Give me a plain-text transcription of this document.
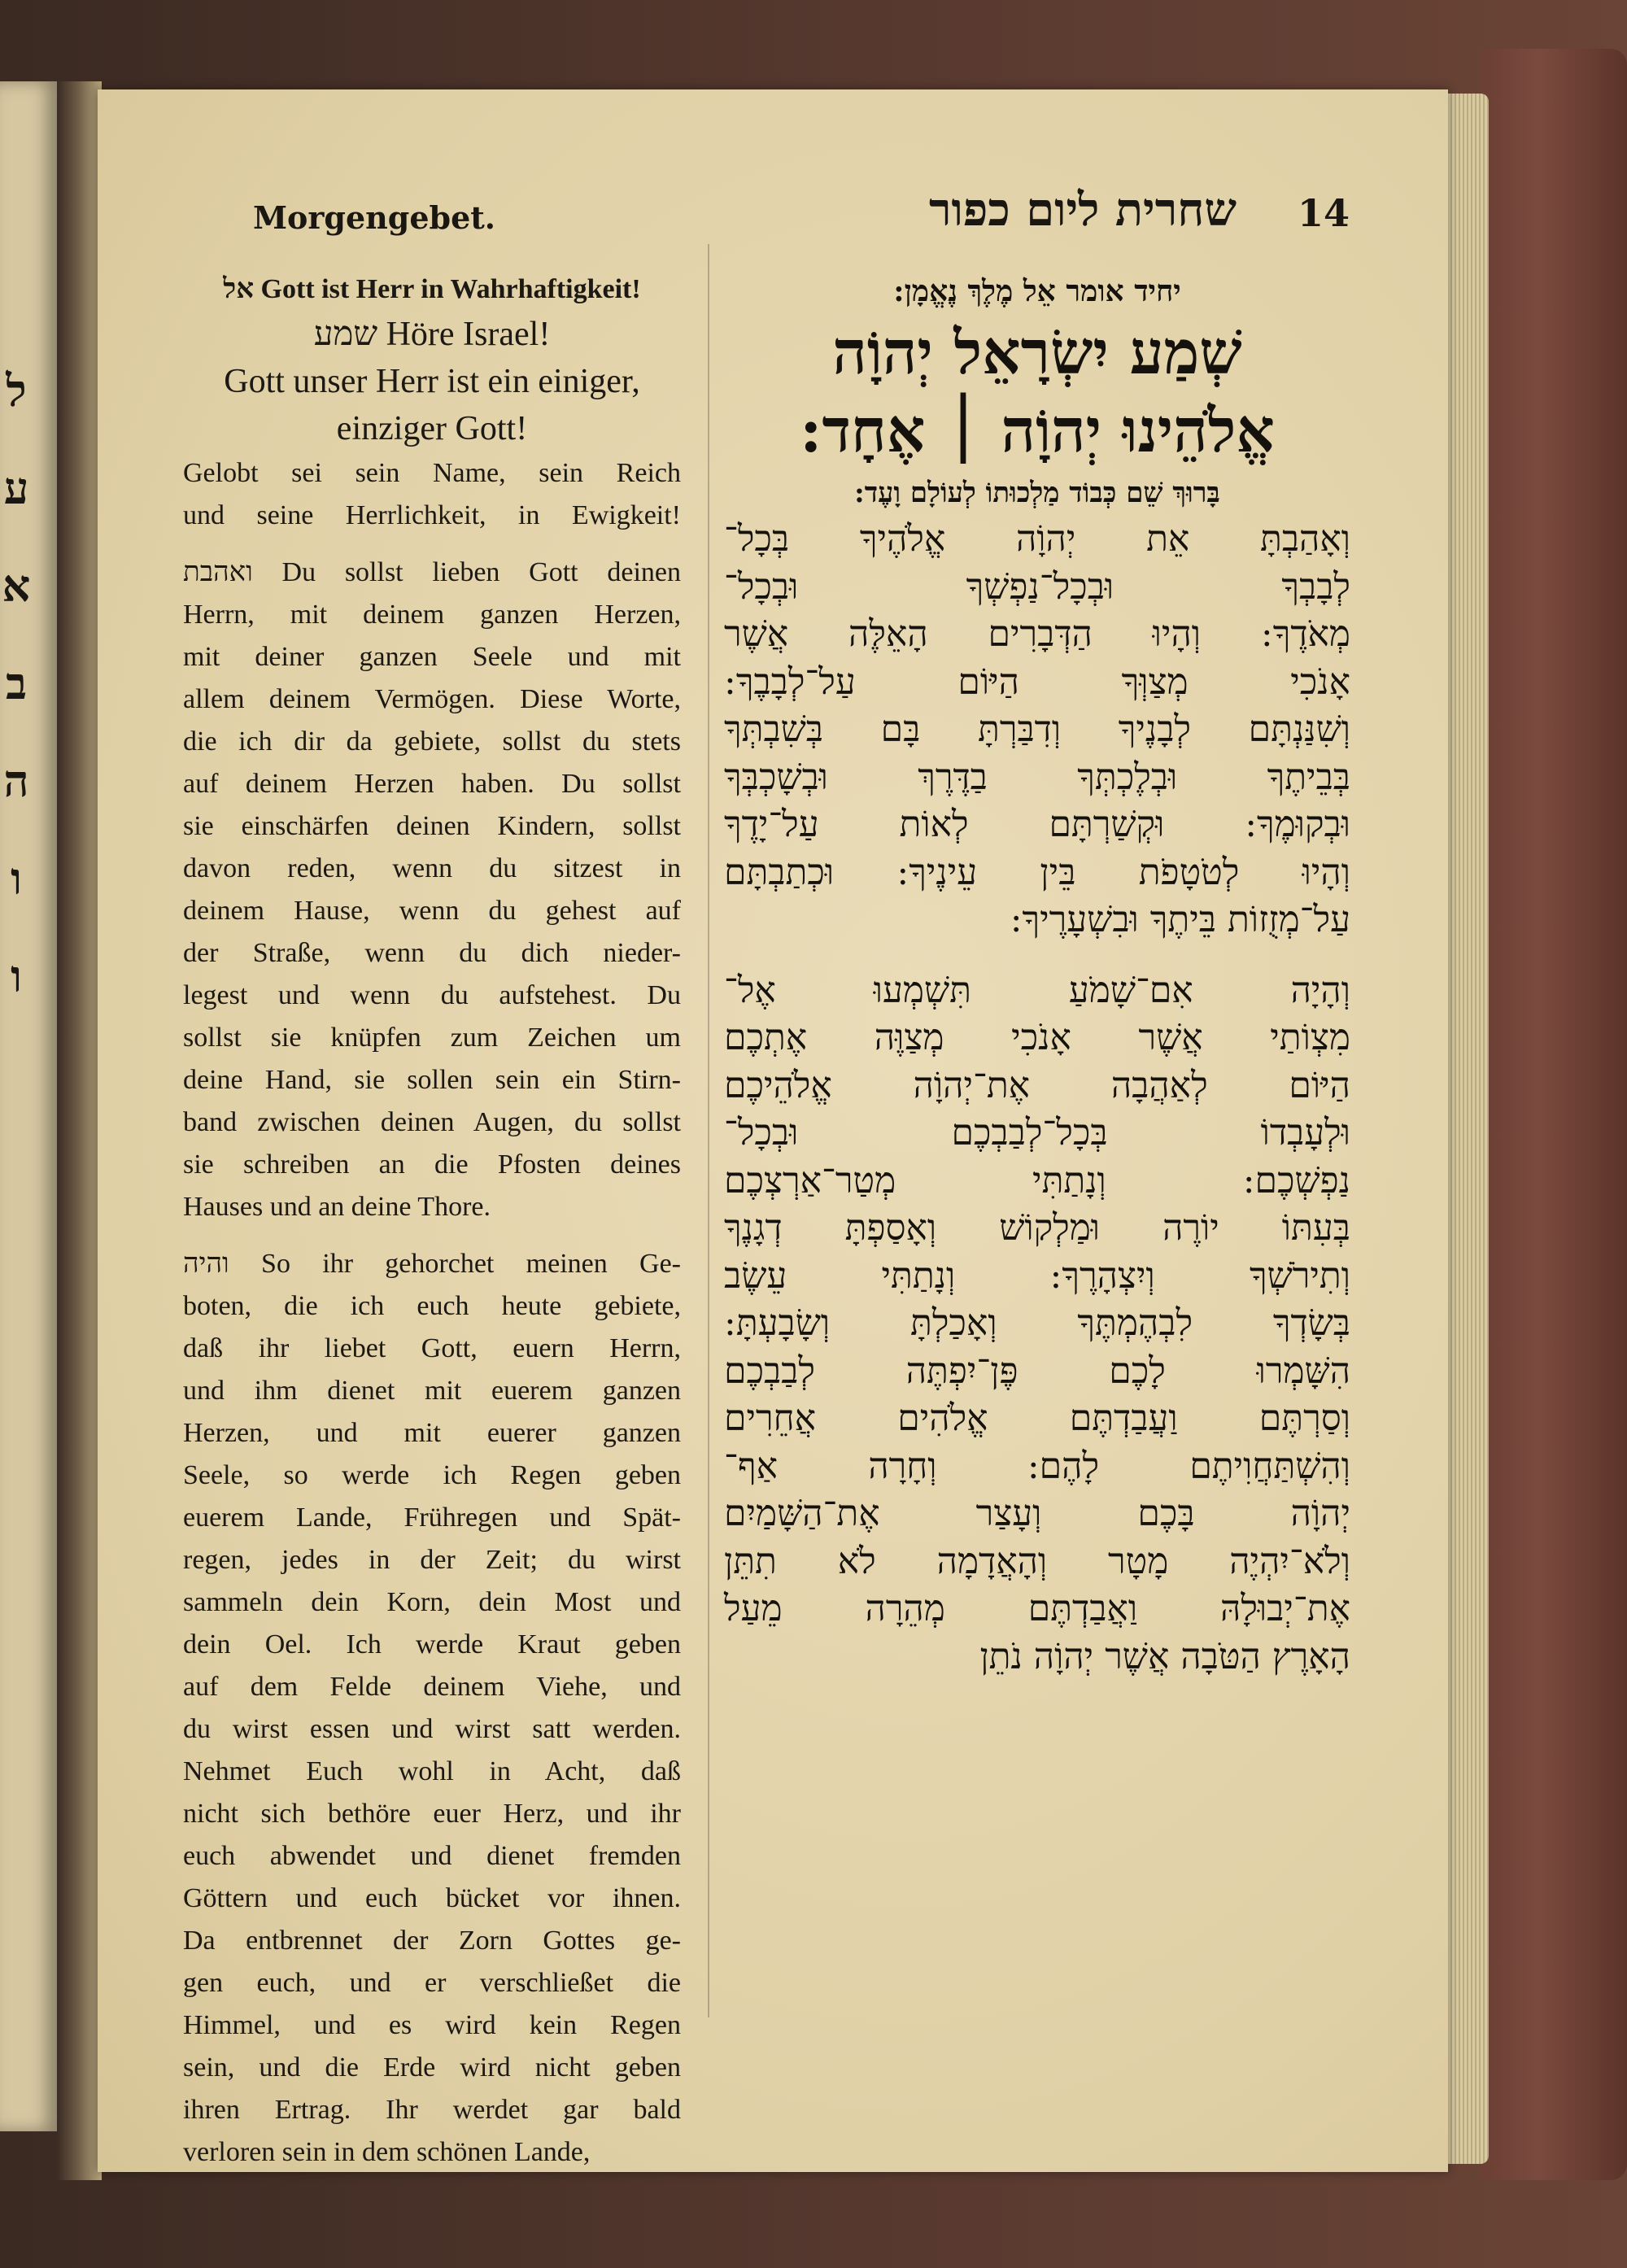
ל
ע
א
ב
ה
ו
ו
Morgengebet.	שחרית ליום כפור 14
אל Gott ist Herr in Wahrhaftigkeit!
שמע Höre Israel!
Gott unser Herr ist ein einiger,
einziger Gott!
Gelobt sei sein Name, sein Reich
und seine Herrlichkeit, in Ewigkeit!
ואהבת Du sollst lieben Gott deinen
Herrn, mit deinem ganzen Herzen,
mit deiner ganzen Seele und mit
allem deinem Vermögen. Diese Worte,
die ich dir da gebiete, sollst du stets
auf deinem Herzen haben. Du sollst
sie einschärfen deinen Kindern, sollst
davon reden, wenn du sitzest in
deinem Hause, wenn du gehest auf
der Straße, wenn du dich nieder-
legest und wenn du aufstehest. Du
sollst sie knüpfen zum Zeichen um
deine Hand, sie sollen sein ein Stirn-
band zwischen deinen Augen, du sollst
sie schreiben an die Pfosten deines
Hauses und an deine Thore.
והיה So ihr gehorchet meinen Ge-
boten, die ich euch heute gebiete,
daß ihr liebet Gott, euern Herrn,
und ihm dienet mit euerem ganzen
Herzen, und mit euerer ganzen
Seele, so werde ich Regen geben
euerem Lande, Frühregen und Spät-
regen, jedes in der Zeit; du wirst
sammeln dein Korn, dein Most und
dein Oel. Ich werde Kraut geben
auf dem Felde deinem Viehe, und
du wirst essen und wirst satt werden.
Nehmet Euch wohl in Acht, daß
nicht sich bethöre euer Herz, und ihr
euch abwendet und dienet fremden
Göttern und euch bücket vor ihnen.
Da entbrennet der Zorn Gottes ge-
gen euch, und er verschließet die
Himmel, und es wird kein Regen
sein, und die Erde wird nicht geben
ihren Ertrag. Ihr werdet gar bald
verloren sein in dem schönen Lande,
יחיד אומר אֵל מֶלֶךְ נֶאֱמָן:
שְׁמַע יִשְׂרָאֵל יְהוָֹה
אֱלֹהֵינוּ יְהוָֹה ׀ אֶחָד:
בָּרוּךְ שֵׁם כְּבוֹד מַלְכוּתוֹ לְעוֹלָם וָעֶד:
וְאָהַבְתָּ אֵת יְהוָֹה אֱלֹהֶיךָ בְּכָל־
לְבָבְךָ וּבְכָל־נַפְשְׁךָ וּבְכָל־
מְאֹדֶךָ: וְהָיוּ הַדְּבָרִים הָאֵלֶּה אֲשֶׁר
אָנֹכִי מְצַוְּךָ הַיּוֹם עַל־לְבָבֶךָ:
וְשִׁנַּנְתָּם לְבָנֶיךָ וְדִבַּרְתָּ בָּם בְּשִׁבְתְּךָ
בְּבֵיתֶךָ וּבְלֶכְתְּךָ בַדֶּרֶךְ וּבְשָׁכְבְּךָ
וּבְקוּמֶךָ: וּקְשַׁרְתָּם לְאוֹת עַל־יָדֶךָ
וְהָיוּ לְטֹטָפֹת בֵּין עֵינֶיךָ: וּכְתַבְתָּם
עַל־מְזֻזוֹת בֵּיתֶךָ וּבִשְׁעָרֶיךָ:
וְהָיָה אִם־שָׁמֹעַ תִּשְׁמְעוּ אֶל־
מִצְוֹתַי אֲשֶׁר אָנֹכִי מְצַוֶּה אֶתְכֶם
הַיּוֹם לְאַהֲבָה אֶת־יְהוָֹה אֱלֹהֵיכֶם
וּלְעָבְדוֹ בְּכָל־לְבַבְכֶם וּבְכָל־
נַפְשְׁכֶם: וְנָתַתִּי מְטַר־אַרְצְכֶם
בְּעִתּוֹ יוֹרֶה וּמַלְקוֹשׁ וְאָסַפְתָּ דְגָנֶךָ
וְתִירֹשְׁךָ וְיִצְהָרֶךָ: וְנָתַתִּי עֵשֶׂב
בְּשָׂדְךָ לִבְהֶמְתֶּךָ וְאָכַלְתָּ וְשָׂבָעְתָּ:
הִשָּׁמְרוּ לָכֶם פֶּן־יִפְתֶּה לְבַבְכֶם
וְסַרְתֶּם וַעֲבַדְתֶּם אֱלֹהִים אֲחֵרִים
וְהִשְׁתַּחֲוִיתֶם לָהֶם: וְחָרָה אַף־
יְהוָֹה בָּכֶם וְעָצַר אֶת־הַשָּׁמַיִם
וְלֹא־יִהְיֶה מָטָר וְהָאֲדָמָה לֹא תִתֵּן
אֶת־יְבוּלָהּ וַאֲבַדְתֶּם מְהֵרָה מֵעַל
הָאָרֶץ הַטֹּבָה אֲשֶׁר יְהוָֹה נֹתֵן
